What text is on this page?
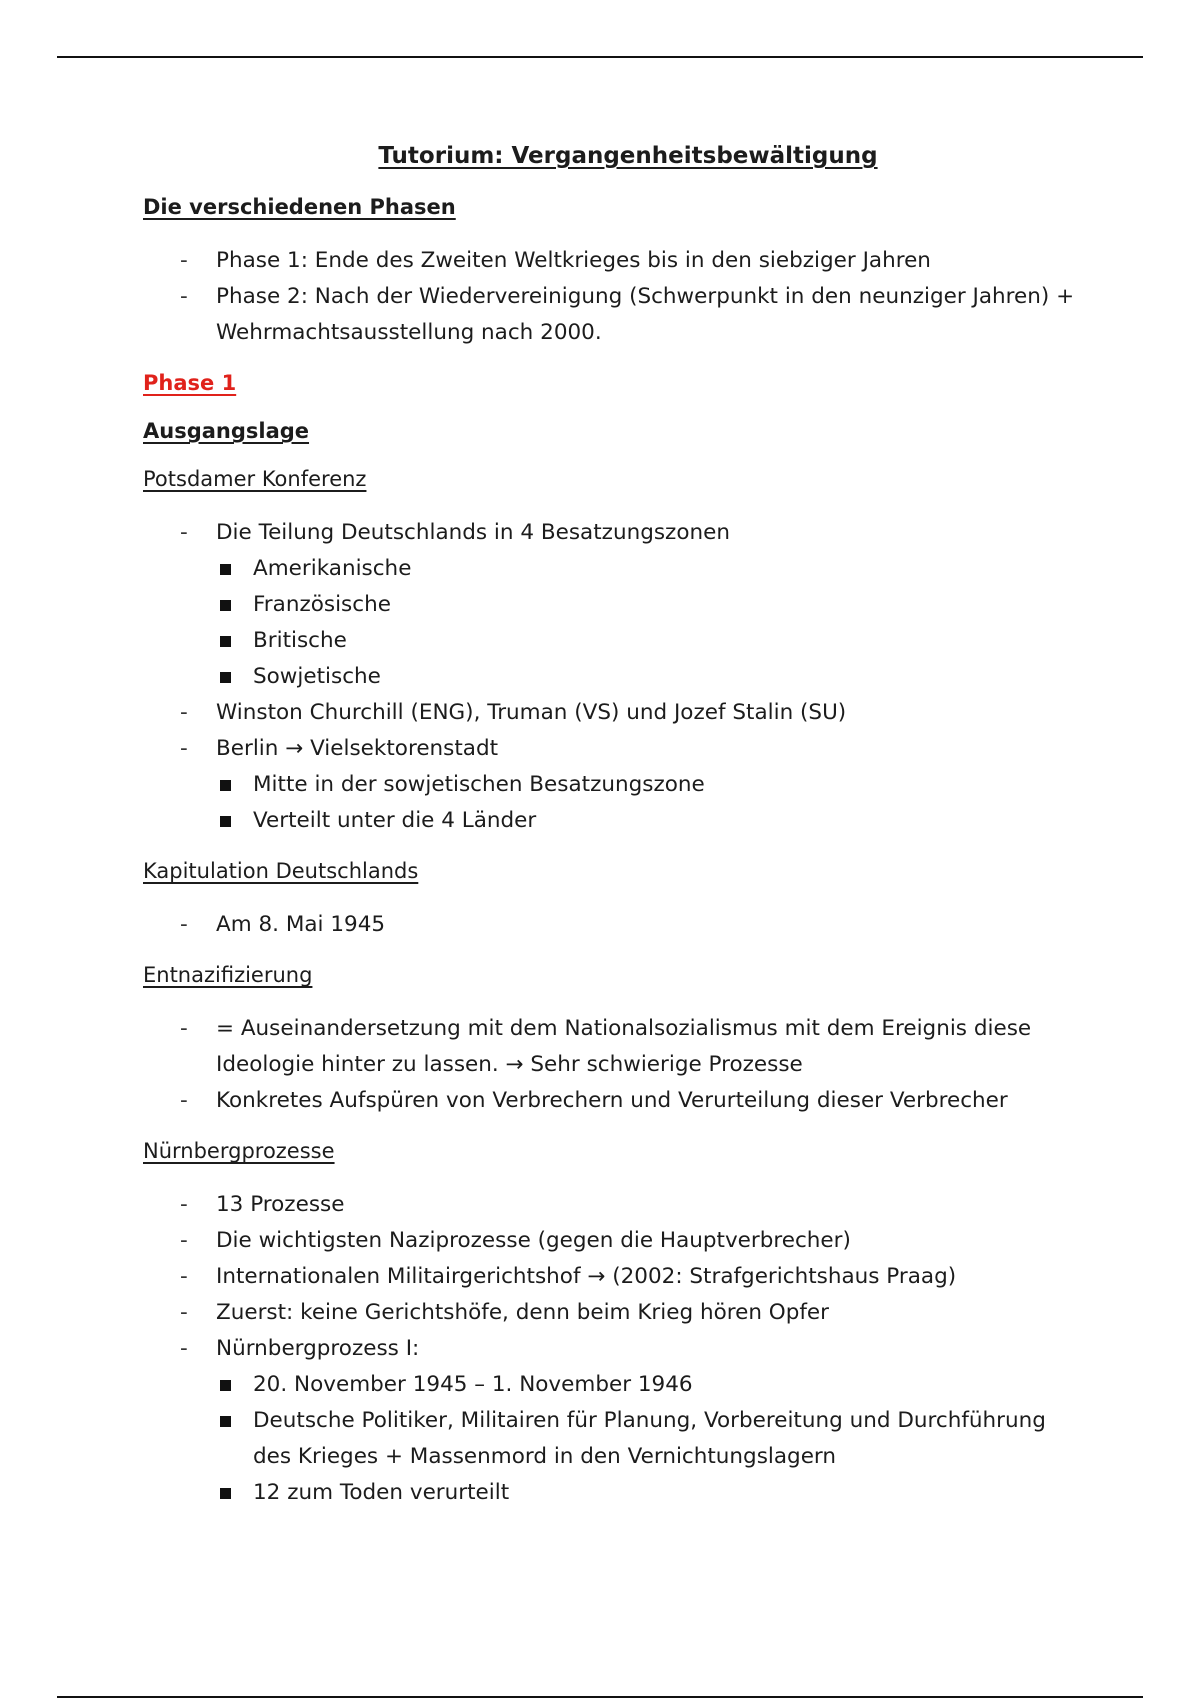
Tutorium: Vergangenheitsbewältigung
Die verschiedenen Phasen
- Phase 1: Ende des Zweiten Weltkrieges bis in den siebziger Jahren
- Phase 2: Nach der Wiedervereinigung (Schwerpunkt in den neunziger Jahren) + Wehrmachtsausstellung nach 2000.
Phase 1
Ausgangslage
Potsdamer Konferenz
- Die Teilung Deutschlands in 4 Besatzungszonen
Amerikanische
Französische
Britische
Sowjetische
- Winston Churchill (ENG), Truman (VS) und Jozef Stalin (SU)
- Berlin → Vielsektorenstadt
Mitte in der sowjetischen Besatzungszone
Verteilt unter die 4 Länder
Kapitulation Deutschlands
- Am 8. Mai 1945
Entnazifizierung
- = Auseinandersetzung mit dem Nationalsozialismus mit dem Ereignis diese Ideologie hinter zu lassen. → Sehr schwierige Prozesse
- Konkretes Aufspüren von Verbrechern und Verurteilung dieser Verbrecher
Nürnbergprozesse
- 13 Prozesse
- Die wichtigsten Naziprozesse (gegen die Hauptverbrecher)
- Internationalen Militairgerichtshof → (2002: Strafgerichtshaus Praag)
- Zuerst: keine Gerichtshöfe, denn beim Krieg hören Opfer
- Nürnbergprozess I:
20. November 1945 – 1. November 1946
Deutsche Politiker, Militairen für Planung, Vorbereitung und Durchführung des Krieges + Massenmord in den Vernichtungslagern
12 zum Toden verurteilt
